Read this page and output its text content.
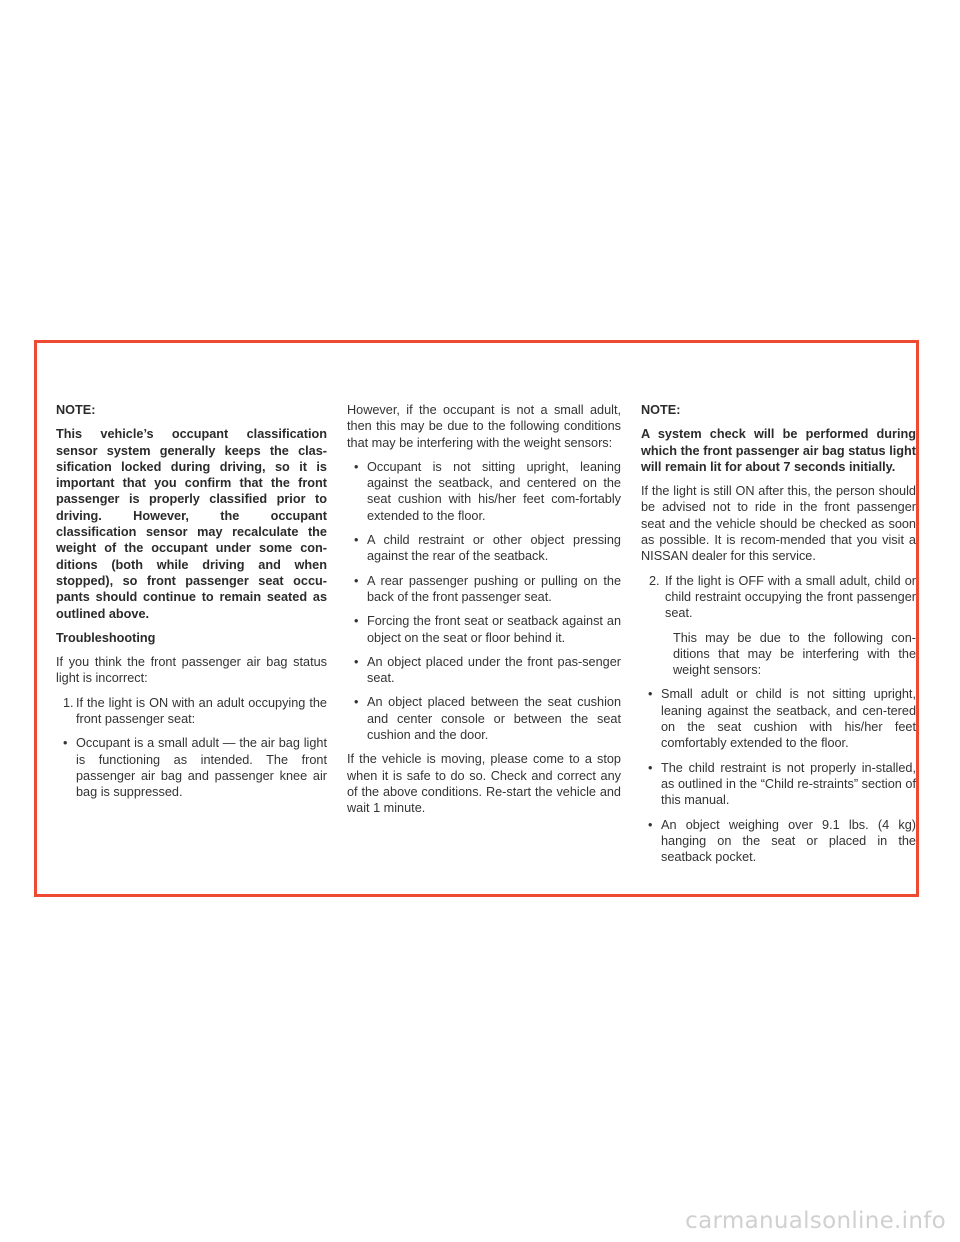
NOTE:

This vehicle’s occupant classification sensor system generally keeps the clas-sification locked during driving, so it is important that you confirm that the front passenger is properly classified prior to driving. However, the occupant classification sensor may recalculate the weight of the occupant under some con-ditions (both while driving and when stopped), so front passenger seat occu-pants should continue to remain seated as outlined above.

Troubleshooting

If you think the front passenger air bag status light is incorrect:

1. If the light is ON with an adult occupying the front passenger seat:
• Occupant is a small adult — the air bag light is functioning as intended. The front passenger air bag and passenger knee air bag is suppressed.

However, if the occupant is not a small adult, then this may be due to the following conditions that may be interfering with the weight sensors:

• Occupant is not sitting upright, leaning against the seatback, and centered on the seat cushion with his/her feet com-fortably extended to the floor.
• A child restraint or other object pressing against the rear of the seatback.
• A rear passenger pushing or pulling on the back of the front passenger seat.
• Forcing the front seat or seatback against an object on the seat or floor behind it.
• An object placed under the front pas-senger seat.
• An object placed between the seat cushion and center console or between the seat cushion and the door.

If the vehicle is moving, please come to a stop when it is safe to do so. Check and correct any of the above conditions. Re-start the vehicle and wait 1 minute.

NOTE:

A system check will be performed during which the front passenger air bag status light will remain lit for about 7 seconds initially.

If the light is still ON after this, the person should be advised not to ride in the front passenger seat and the vehicle should be checked as soon as possible. It is recom-mended that you visit a NISSAN dealer for this service.

2. If the light is OFF with a small adult, child or child restraint occupying the front passenger seat.

This may be due to the following con-ditions that may be interfering with the weight sensors:

• Small adult or child is not sitting upright, leaning against the seatback, and cen-tered on the seat cushion with his/her feet comfortably extended to the floor.
• The child restraint is not properly in-stalled, as outlined in the “Child re-straints” section of this manual.
• An object weighing over 9.1 lbs. (4 kg) hanging on the seat or placed in the seatback pocket.
carmanualsonline.info
